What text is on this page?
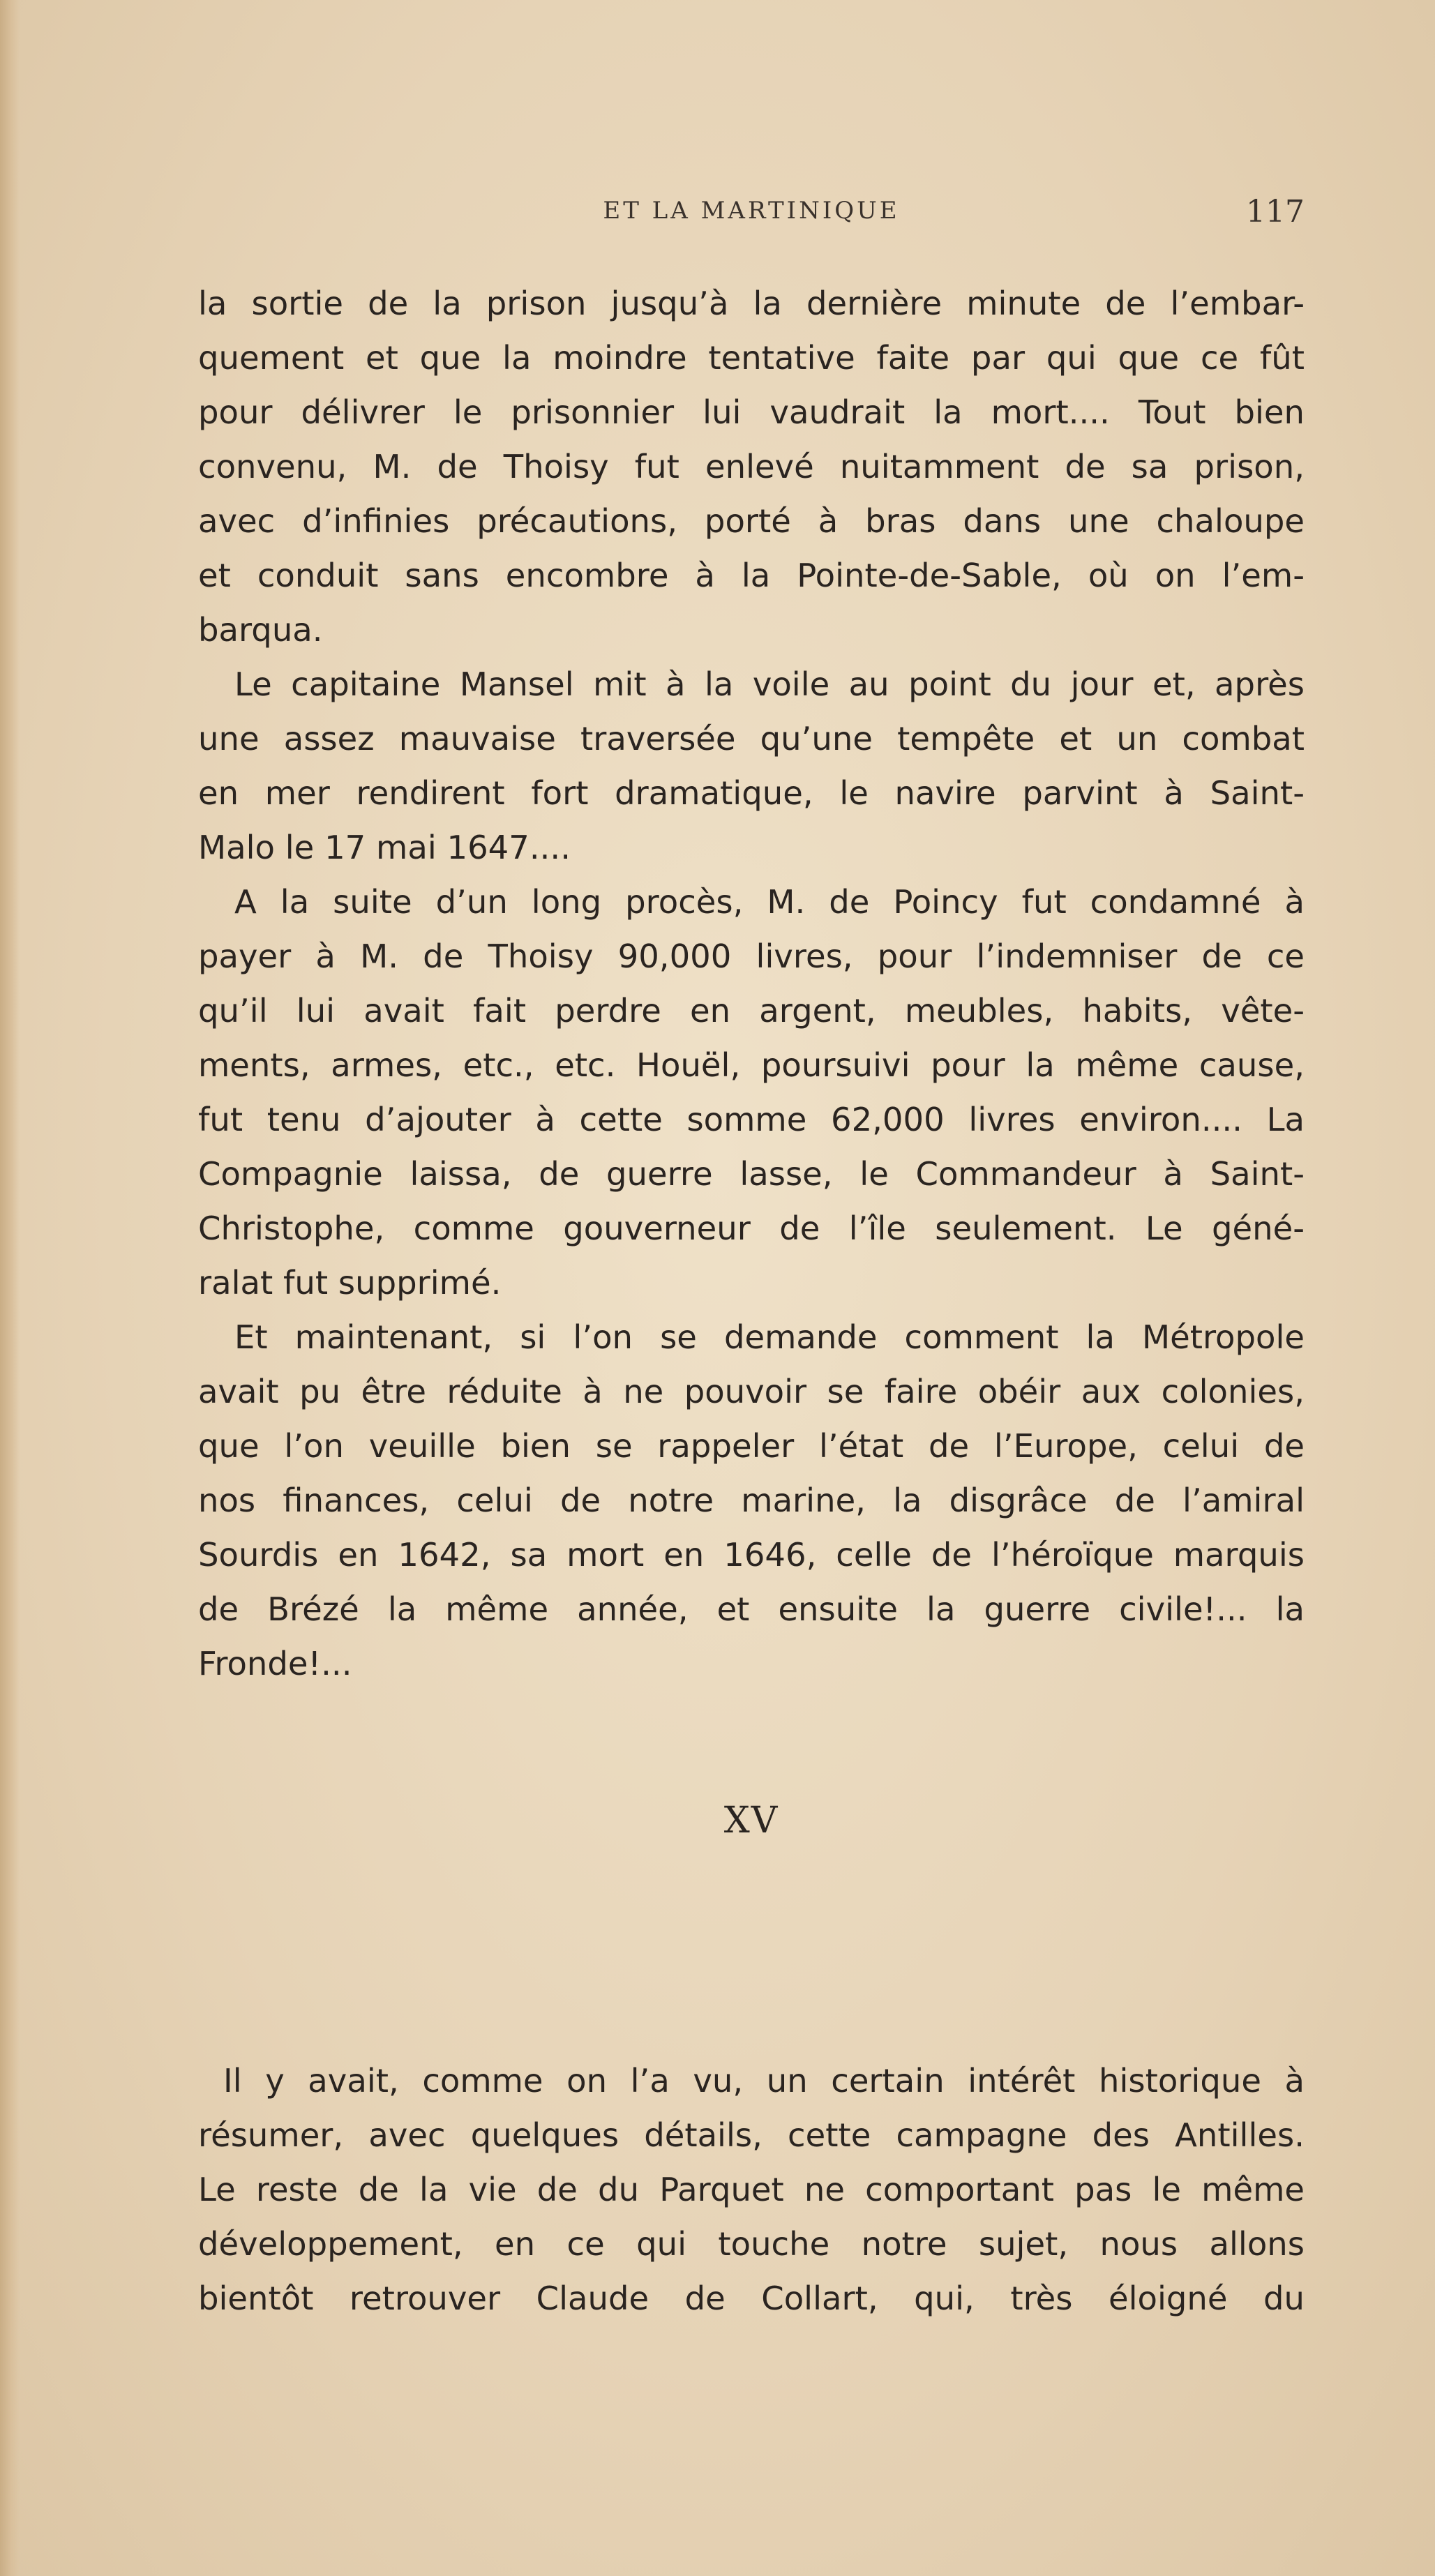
ET LA MARTINIQUE	117
la sortie de la prison jusqu’à la dernière minute de l’embar-
quement et que la moindre tentative faite par qui que ce fût
pour délivrer le prisonnier lui vaudrait la mort.... Tout bien
convenu, M. de Thoisy fut enlevé nuitamment de sa prison,
avec d’infinies précautions, porté à bras dans une chaloupe
et conduit sans encombre à la Pointe-de-Sable, où on l’em-
barqua.
Le capitaine Mansel mit à la voile au point du jour et, après
une assez mauvaise traversée qu’une tempête et un combat
en mer rendirent fort dramatique, le navire parvint à Saint-
Malo le 17 mai 1647....
A la suite d’un long procès, M. de Poincy fut condamné à
payer à M. de Thoisy 90,000 livres, pour l’indemniser de ce
qu’il lui avait fait perdre en argent, meubles, habits, vête-
ments, armes, etc., etc. Houël, poursuivi pour la même cause,
fut tenu d’ajouter à cette somme 62,000 livres environ.... La
Compagnie laissa, de guerre lasse, le Commandeur à Saint-
Christophe, comme gouverneur de l’île seulement. Le géné-
ralat fut supprimé.
Et maintenant, si l’on se demande comment la Métropole
avait pu être réduite à ne pouvoir se faire obéir aux colonies,
que l’on veuille bien se rappeler l’état de l’Europe, celui de
nos finances, celui de notre marine, la disgrâce de l’amiral
Sourdis en 1642, sa mort en 1646, celle de l’héroïque marquis
de Brézé la même année, et ensuite la guerre civile!... la
Fronde!...
XV
Il y avait, comme on l’a vu, un certain intérêt historique à
résumer, avec quelques détails, cette campagne des Antilles.
Le reste de la vie de du Parquet ne comportant pas le même
développement, en ce qui touche notre sujet, nous allons
bientôt retrouver Claude de Collart, qui, très éloigné du
